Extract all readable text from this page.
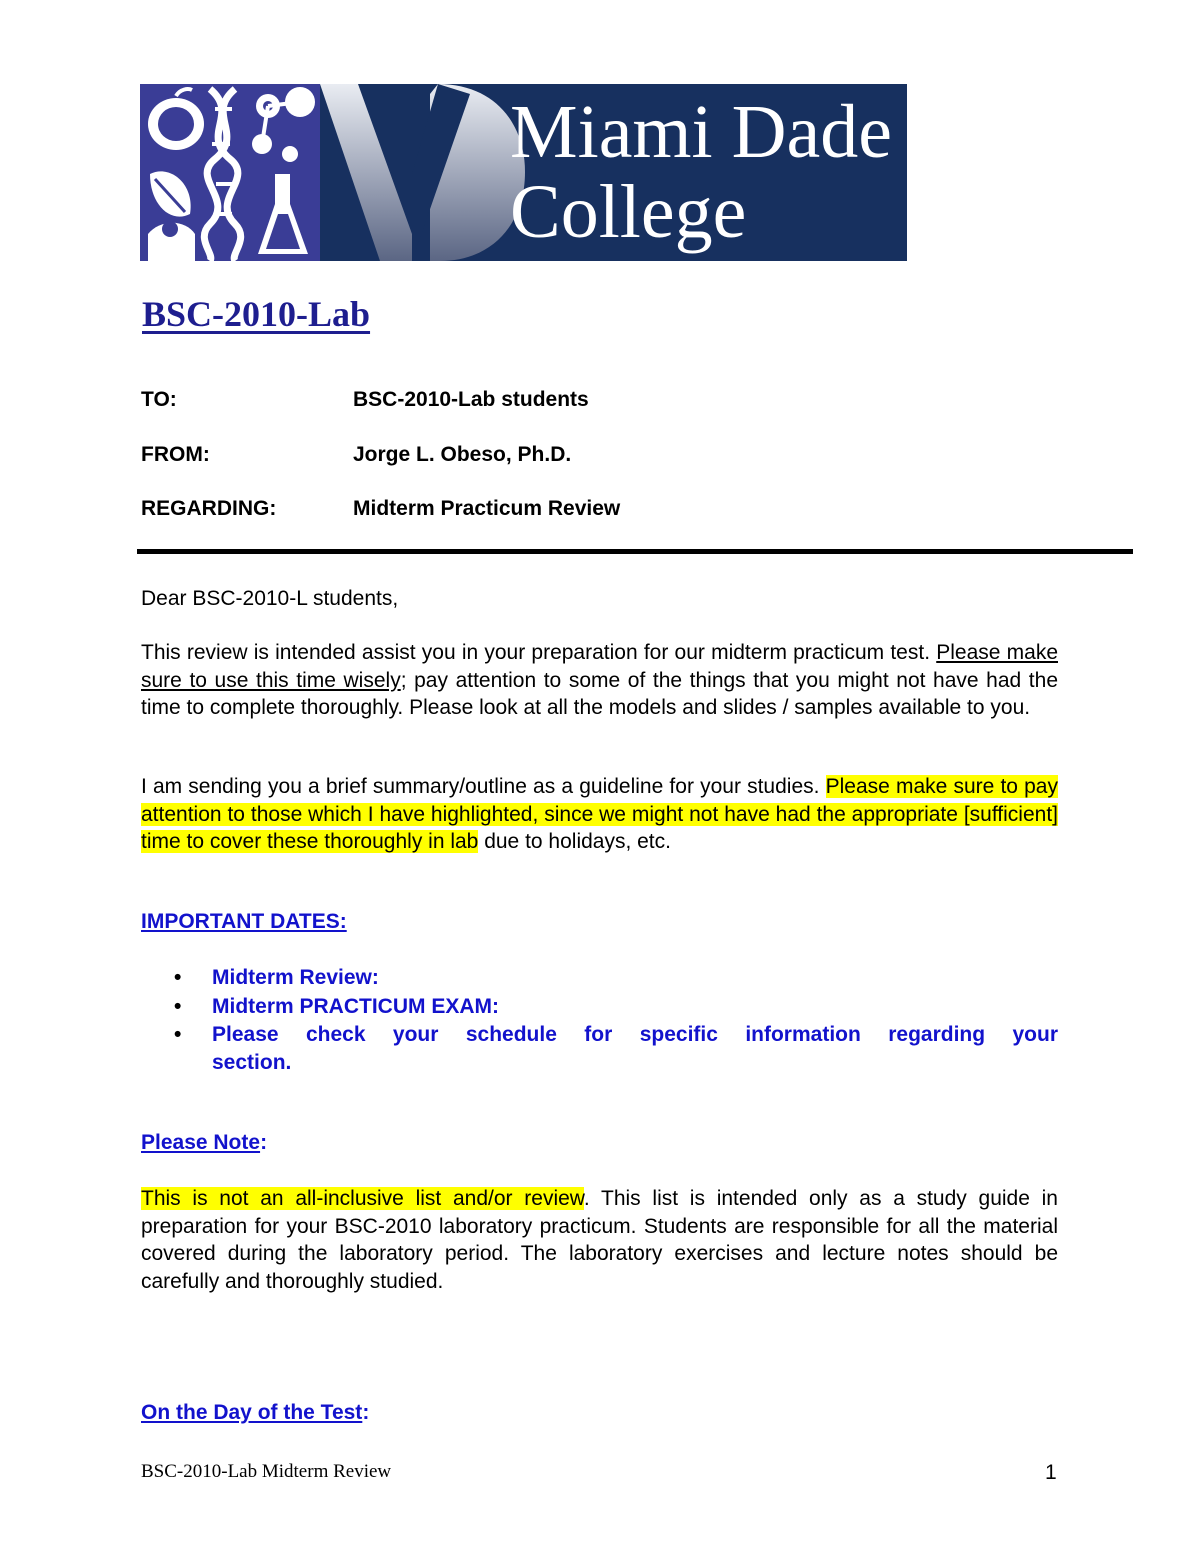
Miami Dade
College
BSC-2010-Lab
TO:	BSC-2010-Lab students
FROM:	Jorge L. Obeso, Ph.D.
REGARDING:	Midterm Practicum Review
Dear BSC-2010-L students,
This review is intended assist you in your preparation for our midterm practicum test. Please make sure to use this time wisely; pay attention to some of the things that you might not have had the time to complete thoroughly. Please look at all the models and slides / samples available to you.
I am sending you a brief summary/outline as a guideline for your studies. Please make sure to pay attention to those which I have highlighted, since we might not have had the appropriate [sufficient] time to cover these thoroughly in lab due to holidays, etc.
IMPORTANT DATES:
• Midterm Review:
• Midterm PRACTICUM EXAM:
• Please check your schedule for specific information regarding your section.
Please Note:
This is not an all-inclusive list and/or review. This list is intended only as a study guide in preparation for your BSC-2010 laboratory practicum. Students are responsible for all the material covered during the laboratory period. The laboratory exercises and lecture notes should be carefully and thoroughly studied.
On the Day of the Test:
BSC-2010-Lab Midterm Review	1
